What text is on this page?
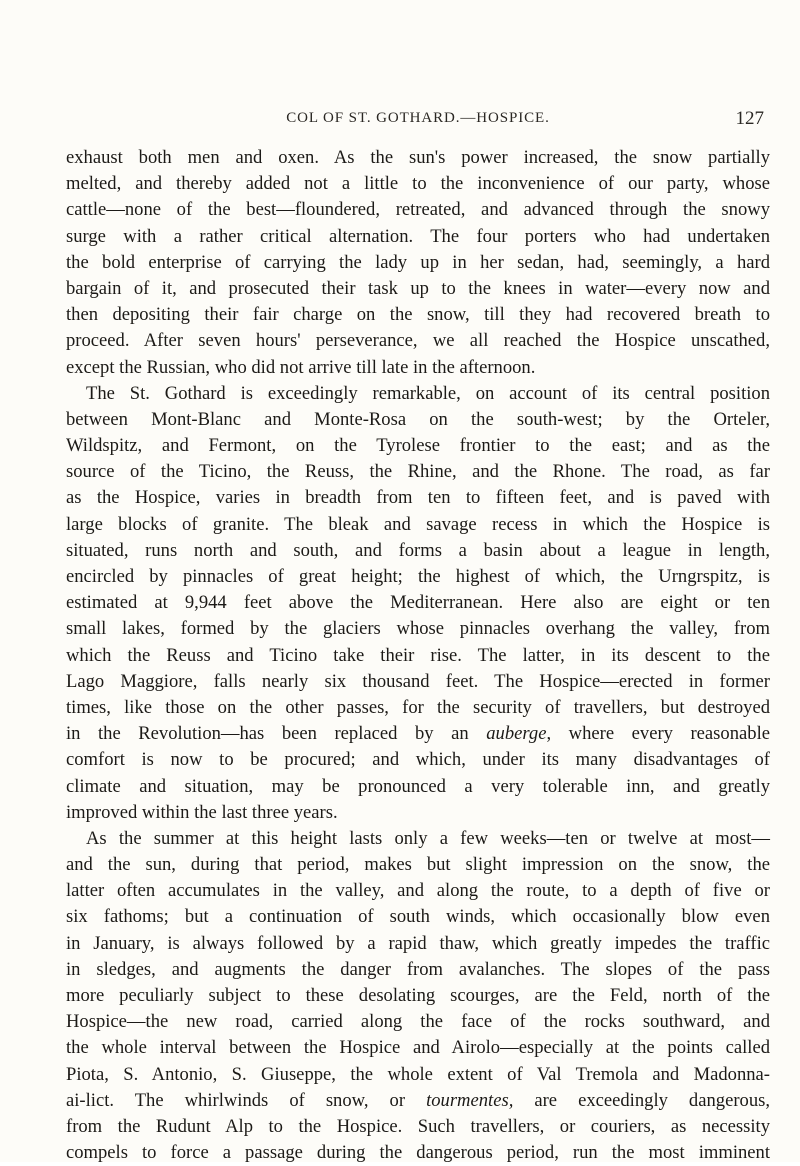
COL OF ST. GOTHARD.—HOSPICE.	127
exhaust both men and oxen. As the sun's power increased, the snow partially
melted, and thereby added not a little to the inconvenience of our party, whose
cattle—none of the best—floundered, retreated, and advanced through the snowy
surge with a rather critical alternation. The four porters who had undertaken
the bold enterprise of carrying the lady up in her sedan, had, seemingly, a hard
bargain of it, and prosecuted their task up to the knees in water—every now and
then depositing their fair charge on the snow, till they had recovered breath to
proceed. After seven hours' perseverance, we all reached the Hospice unscathed,
except the Russian, who did not arrive till late in the afternoon.
The St. Gothard is exceedingly remarkable, on account of its central position
between Mont-Blanc and Monte-Rosa on the south-west; by the Orteler,
Wildspitz, and Fermont, on the Tyrolese frontier to the east; and as the
source of the Ticino, the Reuss, the Rhine, and the Rhone. The road, as far
as the Hospice, varies in breadth from ten to fifteen feet, and is paved with
large blocks of granite. The bleak and savage recess in which the Hospice is
situated, runs north and south, and forms a basin about a league in length,
encircled by pinnacles of great height; the highest of which, the Urngrspitz, is
estimated at 9,944 feet above the Mediterranean. Here also are eight or ten
small lakes, formed by the glaciers whose pinnacles overhang the valley, from
which the Reuss and Ticino take their rise. The latter, in its descent to the
Lago Maggiore, falls nearly six thousand feet. The Hospice—erected in former
times, like those on the other passes, for the security of travellers, but destroyed
in the Revolution—has been replaced by an auberge, where every reasonable
comfort is now to be procured; and which, under its many disadvantages of
climate and situation, may be pronounced a very tolerable inn, and greatly
improved within the last three years.
As the summer at this height lasts only a few weeks—ten or twelve at most—
and the sun, during that period, makes but slight impression on the snow, the
latter often accumulates in the valley, and along the route, to a depth of five or
six fathoms; but a continuation of south winds, which occasionally blow even
in January, is always followed by a rapid thaw, which greatly impedes the traffic
in sledges, and augments the danger from avalanches. The slopes of the pass
more peculiarly subject to these desolating scourges, are the Feld, north of the
Hospice—the new road, carried along the face of the rocks southward, and
the whole interval between the Hospice and Airolo—especially at the points called
Piota, S. Antonio, S. Giuseppe, the whole extent of Val Tremola and Madonna-
ai-lict. The whirlwinds of snow, or tourmentes, are exceedingly dangerous,
from the Rudunt Alp to the Hospice. Such travellers, or couriers, as necessity
compels to force a passage during the dangerous period, run the most imminent
